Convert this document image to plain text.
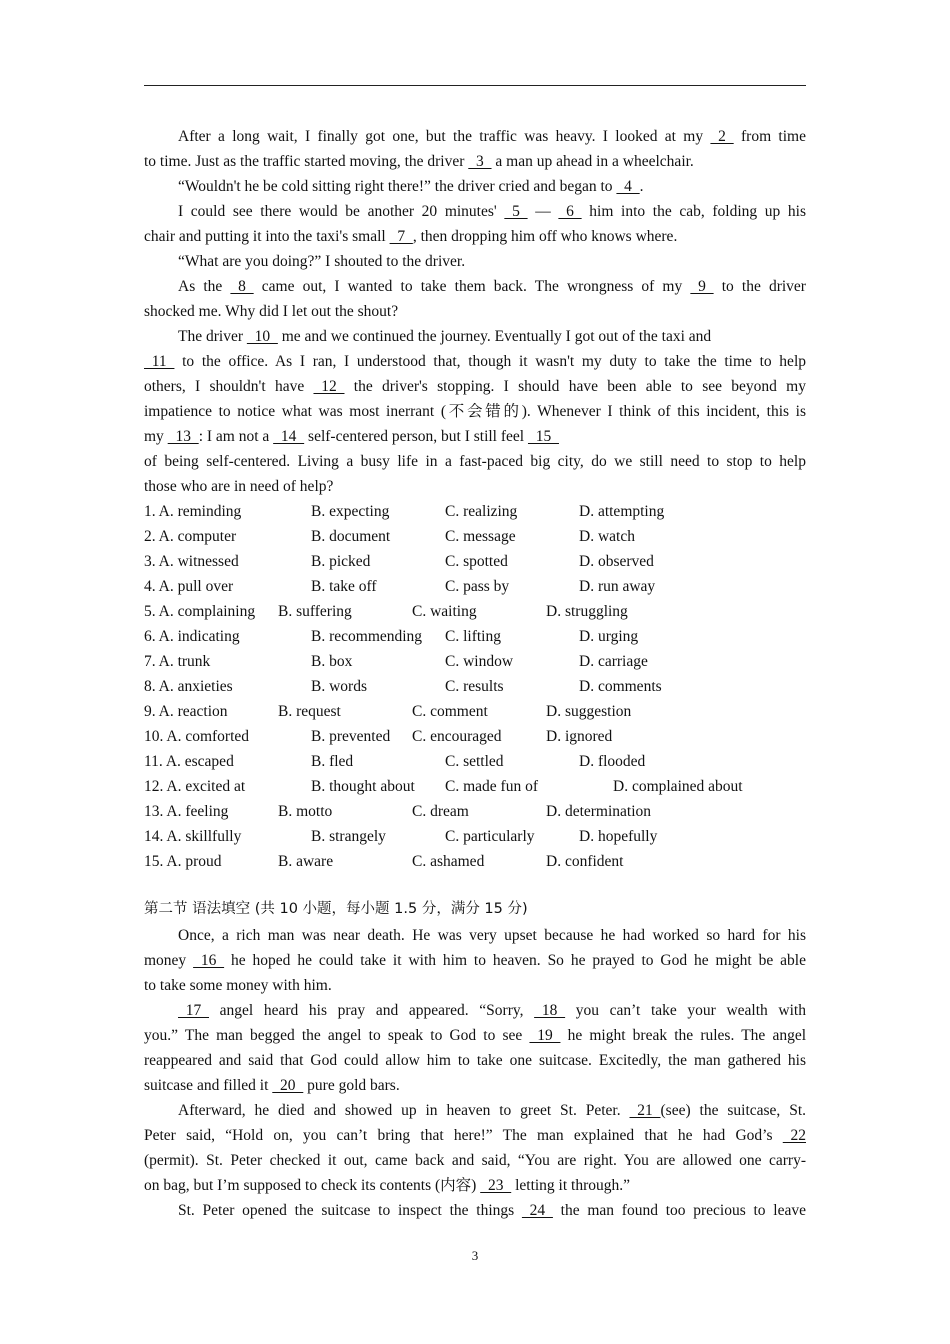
After a long wait, I finally got one, but the traffic was heavy. I looked at my   2   from time
to time. Just as the traffic started moving, the driver   3   a man up ahead in a wheelchair.
“Wouldn't he be cold sitting right there!” the driver cried and began to   4  .
I could see there would be another 20 minutes'   5   —   6   him into the cab, folding up his
chair and putting it into the taxi's small   7  , then dropping him off who knows where.
“What are you doing?” I shouted to the driver.
As the   8   came out, I wanted to take them back. The wrongness of my   9   to the driver
shocked me. Why did I let out the shout?
The driver   10   me and we continued the journey. Eventually I got out of the taxi and
11   to the office. As I ran, I understood that, though it wasn't my duty to take the time to help
others, I shouldn't have   12   the driver's stopping. I should have been able to see beyond my
impatience to notice what was most inerrant (不会错的). Whenever I think of this incident, this is
my   13  : I am not a   14   self-centered person, but I still feel   15
of being self-centered. Living a busy life in a fast-paced big city, do we still need to stop to help
those who are in need of help?
1. A. reminding	B. expecting	C. realizing	D. attempting
2. A. computer	B. document	C. message	D. watch
3. A. witnessed	B. picked	C. spotted	D. observed
4. A. pull over	B. take off	C. pass by	D. run away
5. A. complaining B. suffering	C. waiting	D. struggling
6. A. indicating	B. recommending C. lifting	D. urging
7. A. trunk	B. box	C. window	D. carriage
8. A. anxieties	B. words	C. results	D. comments
9. A. reaction	B. request	C. comment	D. suggestion
10. A. comforted	B. prevented C. encouraged	D. ignored
11. A. escaped	B. fled	C. settled	D. flooded
12. A. excited at	B. thought about C. made fun of	D. complained about
13. A. feeling	B. motto	C. dream	D. determination
14. A. skillfully	B. strangely	C. particularly	D. hopefully
15. A. proud	B. aware	C. ashamed	D. confident
第二节 语法填空 (共 10 小题，每小题 1.5 分，满分 15 分)
Once, a rich man was near death. He was very upset because he had worked so hard for his
money   16   he hoped he could take it with him to heaven. So he prayed to God he might be able
to take some money with him.
17   angel heard his pray and appeared. “Sorry,   18   you can’t take your wealth with
you.” The man begged the angel to speak to God to see   19   he might break the rules. The angel
reappeared and said that God could allow him to take one suitcase. Excitedly, the man gathered his
suitcase and filled it   20   pure gold bars.
Afterward, he died and showed up in heaven to greet St. Peter.   21  (see) the suitcase, St.
Peter said, “Hold on, you can’t bring that here!” The man explained that he had God’s   22
(permit). St. Peter checked it out, came back and said, “You are right. You are allowed one carry-
on bag, but I’m supposed to check its contents (内容)   23   letting it through.”
St. Peter opened the suitcase to inspect the things   24   the man found too precious to leave
3
